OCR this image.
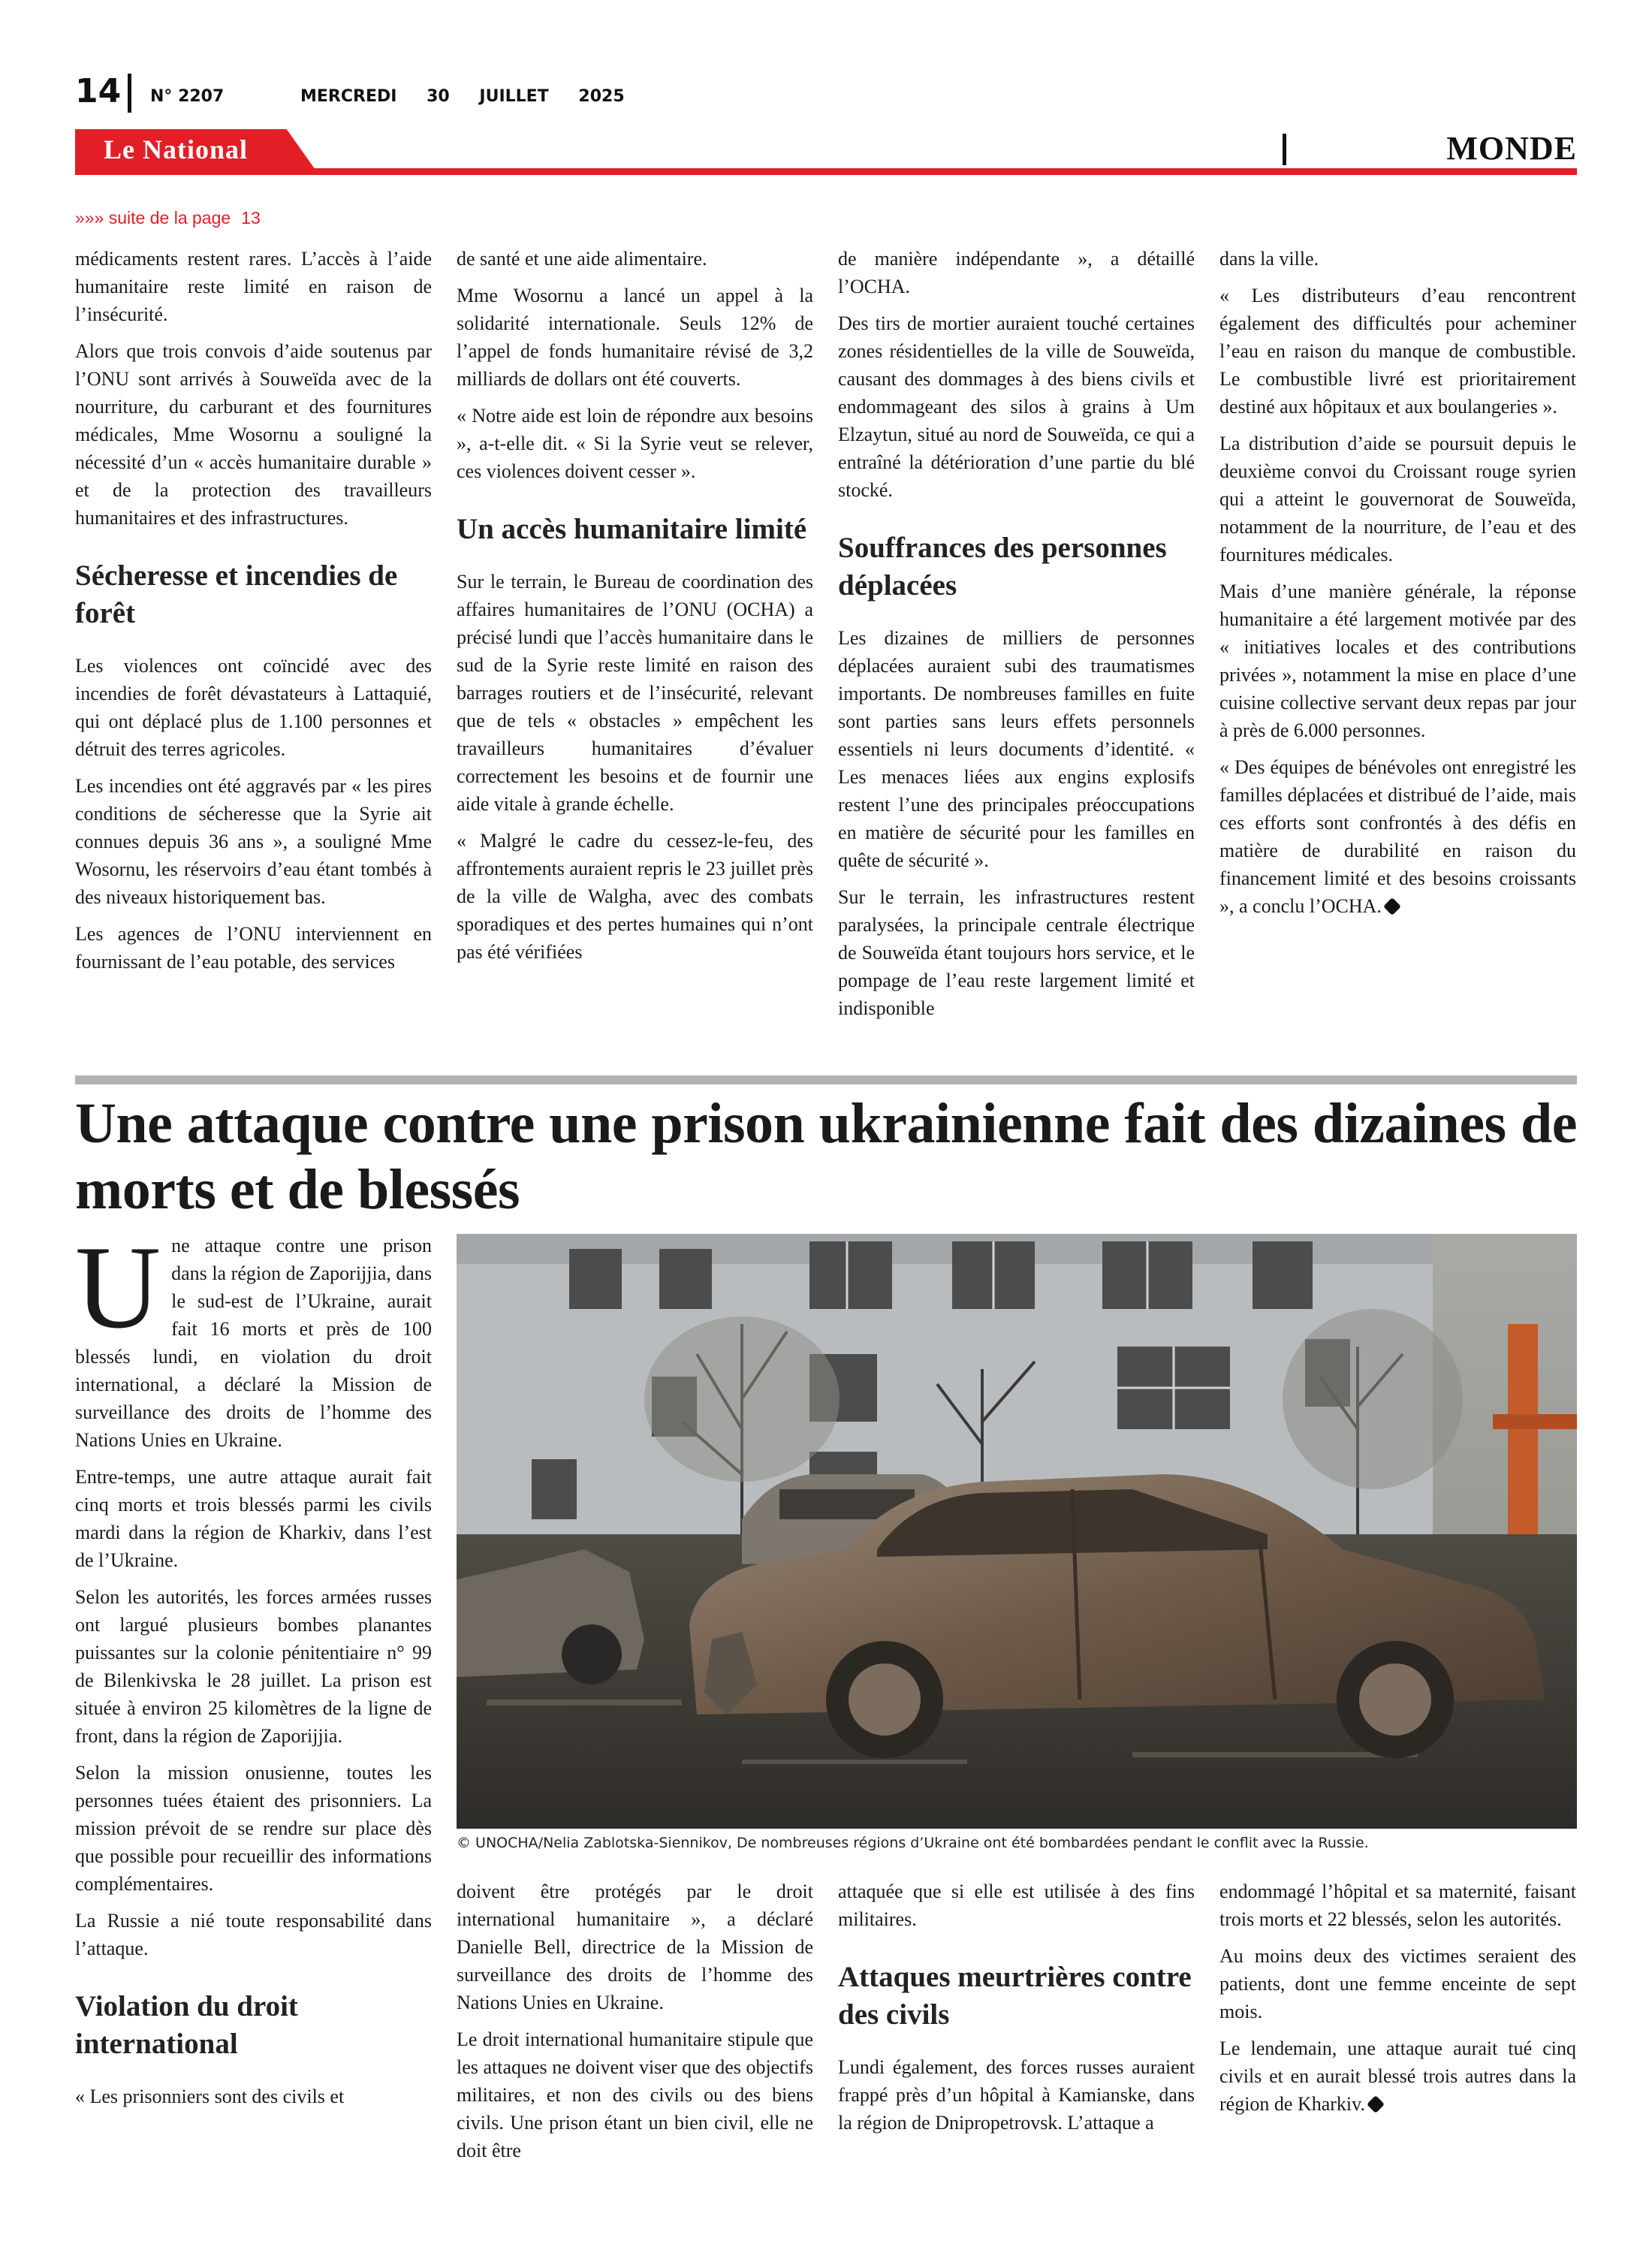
14 N° 2207	MERCREDI 30 JUILLET 2025
Le National	MONDE
»»» suite de la page 13

médicaments restent rares. L’accès à l’aide humanitaire reste limité en raison de l’insécurité.

Alors que trois convois d’aide soutenus par l’ONU sont arrivés à Souweïda avec de la nourriture, du carburant et des fournitures médicales, Mme Wosornu a souligné la nécessité d’un « accès humanitaire durable » et de la protection des travailleurs humanitaires et des infrastructures.

Sécheresse et incendies de forêt

Les violences ont coïncidé avec des incendies de forêt dévastateurs à Lattaquié, qui ont déplacé plus de 1.100 personnes et détruit des terres agricoles.

Les incendies ont été aggravés par « les pires conditions de sécheresse que la Syrie ait connues depuis 36 ans », a souligné Mme Wosornu, les réservoirs d’eau étant tombés à des niveaux historiquement bas.

Les agences de l’ONU interviennent en fournissant de l’eau potable, des services

de santé et une aide alimentaire.

Mme Wosornu a lancé un appel à la solidarité internationale. Seuls 12% de l’appel de fonds humanitaire révisé de 3,2 milliards de dollars ont été couverts.

« Notre aide est loin de répondre aux besoins », a-t-elle dit. « Si la Syrie veut se relever, ces violences doivent cesser ».

Un accès humanitaire limité

Sur le terrain, le Bureau de coordination des affaires humanitaires de l’ONU (OCHA) a précisé lundi que l’accès humanitaire dans le sud de la Syrie reste limité en raison des barrages routiers et de l’insécurité, relevant que de tels « obstacles » empêchent les travailleurs humanitaires d’évaluer correctement les besoins et de fournir une aide vitale à grande échelle.

« Malgré le cadre du cessez-le-feu, des affrontements auraient repris le 23 juillet près de la ville de Walgha, avec des combats sporadiques et des pertes humaines qui n’ont pas été vérifiées

de manière indépendante », a détaillé l’OCHA.

Des tirs de mortier auraient touché certaines zones résidentielles de la ville de Souweïda, causant des dommages à des biens civils et endommageant des silos à grains à Um Elzaytun, situé au nord de Souweïda, ce qui a entraîné la détérioration d’une partie du blé stocké.

Souffrances des personnes déplacées

Les dizaines de milliers de personnes déplacées auraient subi des traumatismes importants. De nombreuses familles en fuite sont parties sans leurs effets personnels essentiels ni leurs documents d’identité. « Les menaces liées aux engins explosifs restent l’une des principales préoccupations en matière de sécurité pour les familles en quête de sécurité ».

Sur le terrain, les infrastructures restent paralysées, la principale centrale électrique de Souweïda étant toujours hors service, et le pompage de l’eau reste largement limité et indisponible

dans la ville.

« Les distributeurs d’eau rencontrent également des difficultés pour acheminer l’eau en raison du manque de combustible. Le combustible livré est prioritairement destiné aux hôpitaux et aux boulangeries ».

La distribution d’aide se poursuit depuis le deuxième convoi du Croissant rouge syrien qui a atteint le gouvernorat de Souweïda, notamment de la nourriture, de l’eau et des fournitures médicales.

Mais d’une manière générale, la réponse humanitaire a été largement motivée par des « initiatives locales et des contributions privées », notamment la mise en place d’une cuisine collective servant deux repas par jour à près de 6.000 personnes.

« Des équipes de bénévoles ont enregistré les familles déplacées et distribué de l’aide, mais ces efforts sont confrontés à des défis en matière de durabilité en raison du financement limité et des besoins croissants », a conclu l’OCHA.

Une attaque contre une prison ukrainienne fait des dizaines de morts et de blessés
© UNOCHA/Nelia Zablotska-Siennikov, De nombreuses régions d’Ukraine ont été bombardées pendant le conflit avec la Russie.

Une attaque contre une prison dans la région de Zaporijjia, dans le sud-est de l’Ukraine, aurait fait 16 morts et près de 100 blessés lundi, en violation du droit international, a déclaré la Mission de surveillance des droits de l’homme des Nations Unies en Ukraine.

Entre-temps, une autre attaque aurait fait cinq morts et trois blessés parmi les civils mardi dans la région de Kharkiv, dans l’est de l’Ukraine.

Selon les autorités, les forces armées russes ont largué plusieurs bombes planantes puissantes sur la colonie pénitentiaire n° 99 de Bilenkivska le 28 juillet. La prison est située à environ 25 kilomètres de la ligne de front, dans la région de Zaporijjia.

Selon la mission onusienne, toutes les personnes tuées étaient des prisonniers. La mission prévoit de se rendre sur place dès que possible pour recueillir des informations complémentaires.

La Russie a nié toute responsabilité dans l’attaque.

Violation du droit international

« Les prisonniers sont des civils et

doivent être protégés par le droit international humanitaire », a déclaré Danielle Bell, directrice de la Mission de surveillance des droits de l’homme des Nations Unies en Ukraine.

Le droit international humanitaire stipule que les attaques ne doivent viser que des objectifs militaires, et non des civils ou des biens civils. Une prison étant un bien civil, elle ne doit être

attaquée que si elle est utilisée à des fins militaires.

Attaques meurtrières contre des civils

Lundi également, des forces russes auraient frappé près d’un hôpital à Kamianske, dans la région de Dnipropetrovsk. L’attaque a

endommagé l’hôpital et sa maternité, faisant trois morts et 22 blessés, selon les autorités.

Au moins deux des victimes seraient des patients, dont une femme enceinte de sept mois.

Le lendemain, une attaque aurait tué cinq civils et en aurait blessé trois autres dans la région de Kharkiv.
